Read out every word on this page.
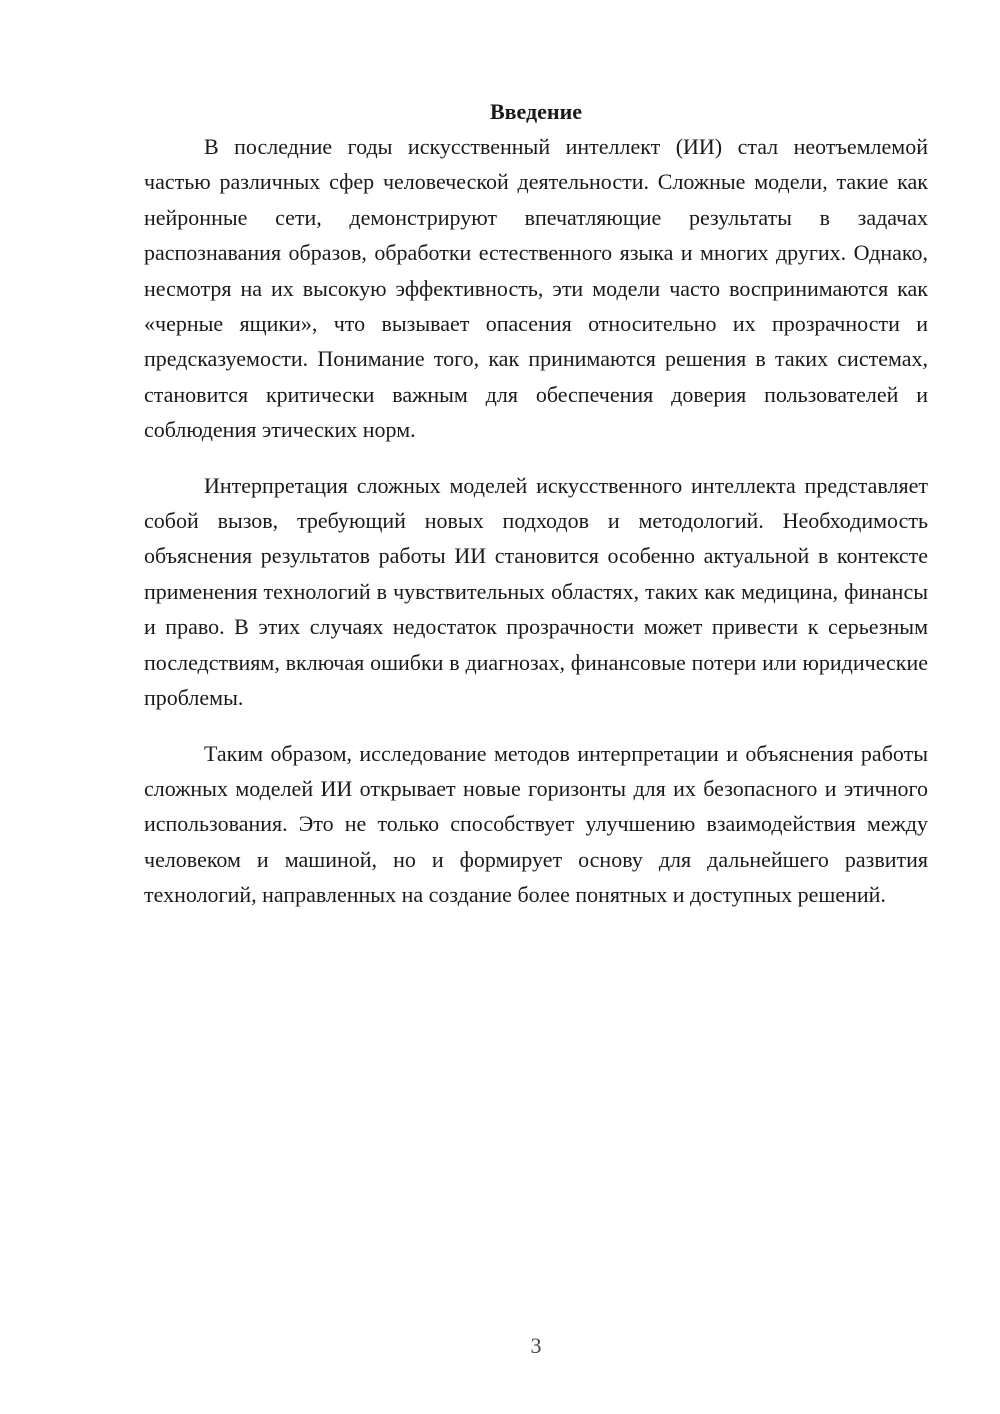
Введение

В последние годы искусственный интеллект (ИИ) стал неотъемлемой частью различных сфер человеческой деятельности. Сложные модели, такие как нейронные сети, демонстрируют впечатляющие результаты в задачах распознавания образов, обработки естественного языка и многих других. Однако, несмотря на их высокую эффективность, эти модели часто воспринимаются как «черные ящики», что вызывает опасения относительно их прозрачности и предсказуемости. Понимание того, как принимаются решения в таких системах, становится критически важным для обеспечения доверия пользователей и соблюдения этических норм.

Интерпретация сложных моделей искусственного интеллекта представляет собой вызов, требующий новых подходов и методологий. Необходимость объяснения результатов работы ИИ становится особенно актуальной в контексте применения технологий в чувствительных областях, таких как медицина, финансы и право. В этих случаях недостаток прозрачности может привести к серьезным последствиям, включая ошибки в диагнозах, финансовые потери или юридические проблемы.

Таким образом, исследование методов интерпретации и объяснения работы сложных моделей ИИ открывает новые горизонты для их безопасного и этичного использования. Это не только способствует улучшению взаимодействия между человеком и машиной, но и формирует основу для дальнейшего развития технологий, направленных на создание более понятных и доступных решений.

3
